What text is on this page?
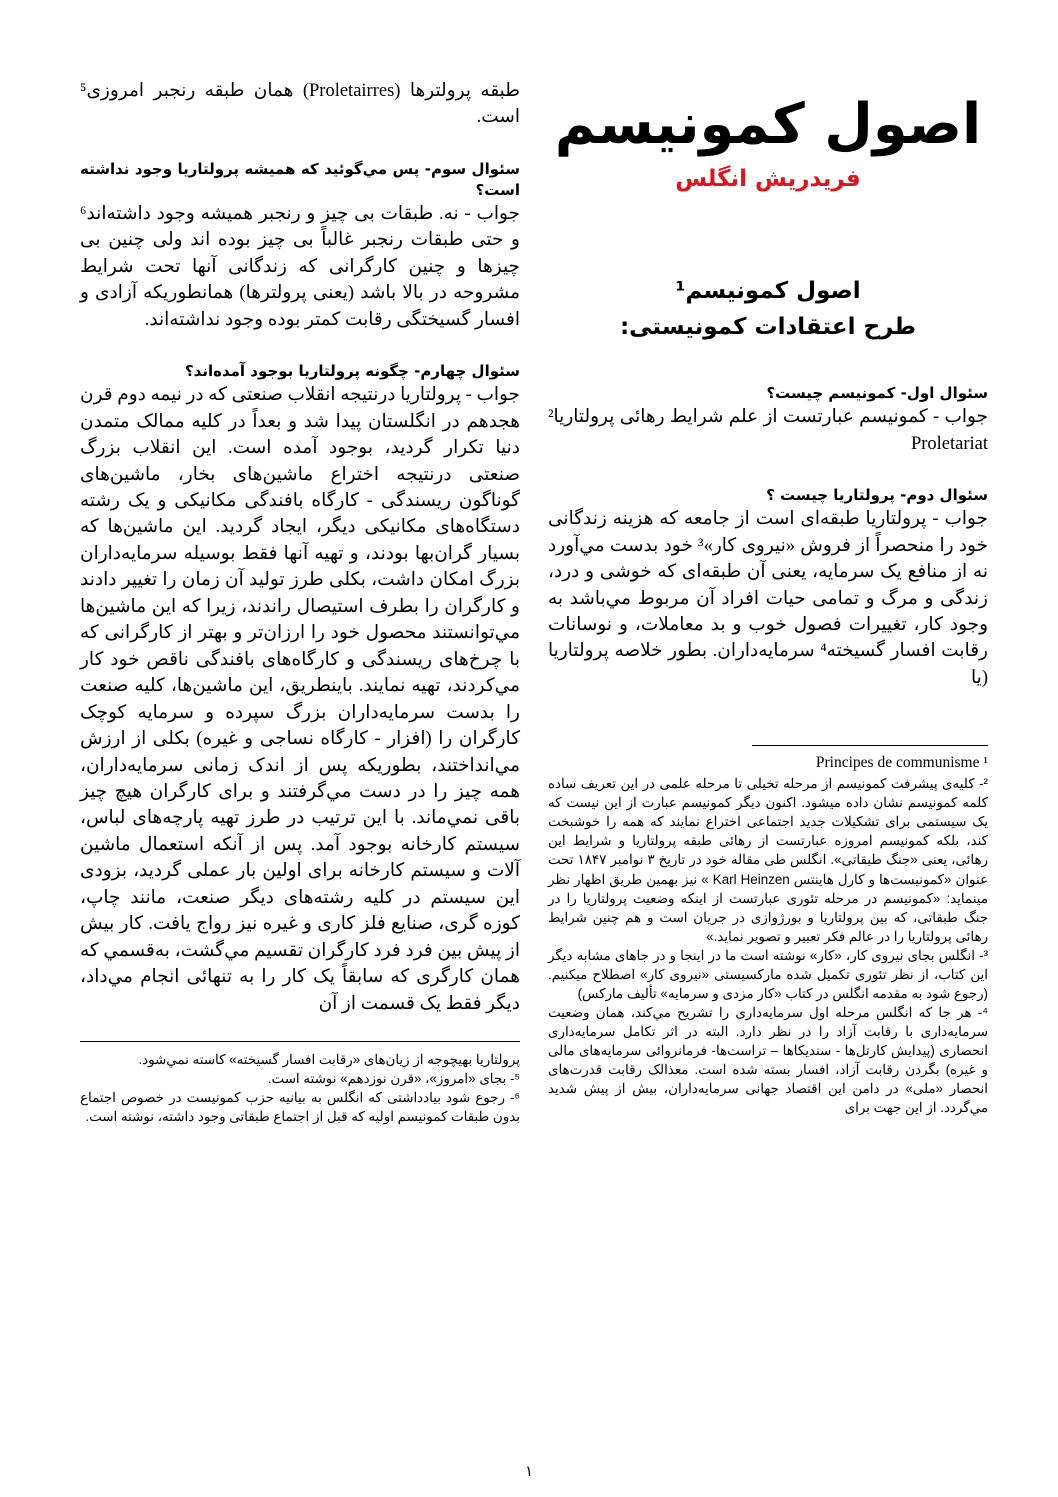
اصول کمونیسم
فریدریش انگلس
اصول کمونیسم¹
طرح اعتقادات کمونیستی:

سئوال اول- کمونیسم چیست؟

جواب - کمونیسم عبارتست از علم شرایط رهائی پرولتاریا² Proletariat

سئوال دوم- پرولتاریا چیست ؟

جواب - پرولتاریا طبقه‌ای است از جامعه که هزینه زندگانی خود را منحصراً از فروش «نیروی کار»³ خود بدست مي‌آورد نه از منافع یک سرمایه، یعنی آن طبقه‌ای که خوشی و درد، زندگی و مرگ و تمامی حیات افراد آن مربوط مي‌باشد به وجود کار، تغییرات فصول خوب و بد معاملات، و نوسانات رقابت افسار گسیخته⁴ سرمایه‌داران. بطور خلاصه پرولتاریا (یا

Principes de communisme ¹

²- کلیه‌ی پیشرفت کمونیسم از مرحله تخیلی تا مرحله علمی در این تعریف ساده کلمه کمونیسم نشان داده میشود. اکنون دیگر کمونیسم عبارت از این نیست که یک سیستمی برای تشکیلات جدید اجتماعی اختراع نمایند که همه را خوشبخت کند، بلکه کمونیسم امروزه عبارتست از رهائی طبقه پرولتاریا و شرایط این رهائی، یعنی «جنگ طبقاتی». انگلس طی مقاله خود در تاریخ ۳ نوامبر ۱۸۴۷ تحت عنوان «کمونیست‌ها و کارل هاینتس Karl Heinzen » نیز بهمین طریق اظهار نظر مینماید: «کمونیسم در مرحله تئوری عبارتست از اینکه وضعیت پرولتاریا را در جنگ طبقاتی، که بین پرولتاریا و بورژوازی در جریان است و هم چنین شرایط رهائی پرولتاریا را در عالم فکر تعبیر و تصویر نماید.»

³- انگلس بجای نیروی کار، «کار» نوشته است ما در اینجا و در جاهای مشابه دیگر این کتاب، از نظر تئوری تکمیل شده مارکسیستی «نیروی کار» اصطلاح میکنیم. (رجوع شود به مقدمه انگلس در کتاب «کار مزدی و سرمایه» تألیف مارکس)

⁴- هر جا که انگلس مرحله اول سرمایه‌داری را تشریح مي‌کند، همان وضعیت سرمایه‌داری با رقابت آزاد را در نظر دارد. البته در اثر تکامل سرمایه‌داری انحصاری (پیدایش کارتل‌ها - سندیکاها – تراست‌ها- فرمانروائی سرمایه‌های مالی و غیره) بگردن رقابت آزاد، افسار بسته شده است. معذالک رقابت قدرت‌های انحصار «ملی» در دامن این اقتصاد جهانی سرمایه‌داران، بیش از پیش شدید مي‌گردد. از این جهت برای

طبقه پرولترها (Proletairres) همان طبقه رنجبر امروزی⁵ است.

سئوال سوم- پس مي‌گوئید که همیشه پرولتاریا وجود نداشته است؟

جواب - نه. طبقات بی چیز و رنجبر همیشه وجود داشته‌اند⁶ و حتی طبقات رنجبر غالباً بی چیز بوده اند ولی چنین بی چیزها و چنین کارگرانی که زندگانی آنها تحت شرایط مشروحه در بالا باشد (یعنی پرولترها) همانطوریکه آزادی و افسار گسیختگی رقابت کمتر بوده وجود نداشته‌اند.

سئوال چهارم- چگونه پرولتاریا بوجود آمده‌اند؟

جواب - پرولتاریا درنتیجه انقلاب صنعتی که در نیمه دوم قرن هجدهم در انگلستان پیدا شد و بعداً در کلیه ممالک متمدن دنیا تکرار گردید، بوجود آمده است. این انقلاب بزرگ صنعتی درنتیجه اختراع ماشین‌های بخار، ماشین‌های گوناگون ریسندگی - کارگاه بافندگی مکانیکی و یک رشته دستگاه‌های مکانیکی دیگر، ایجاد گردید. این ماشین‌ها که بسیار گران‌بها بودند، و تهیه آنها فقط بوسیله سرمایه‌داران بزرگ امکان داشت، بکلی طرز تولید آن زمان را تغییر دادند و کارگران را بطرف استیصال راندند، زیرا که این ماشین‌ها مي‌توانستند محصول خود را ارزان‌تر و بهتر از کارگرانی که با چرخ‌های ریسندگی و کارگاه‌های بافندگی ناقص خود کار مي‌کردند، تهیه نمایند. باینطریق، این ماشین‌ها، کلیه صنعت را بدست سرمایه‌داران بزرگ سپرده و سرمایه کوچک کارگران را (افزار - کارگاه نساجی و غیره) بکلی از ارزش مي‌انداختند، بطوریکه پس از اندک زمانی سرمایه‌داران، همه چیز را در دست مي‌گرفتند و برای کارگران هیچ چیز باقی نمي‌ماند. با این ترتیب در طرز تهیه پارچه‌های لباس، سیستم کارخانه بوجود آمد. پس از آنکه استعمال ماشین آلات و سیستم کارخانه برای اولین بار عملی گردید، بزودی این سیستم در کلیه رشته‌های دیگر صنعت، مانند چاپ، کوزه گری، صنایع فلز کاری و غیره نیز رواج یافت. کار بیش از پیش بین فرد فرد کارگران تقسیم مي‌گشت، به‌قسمي که همان کارگری که سابقاً یک کار را به تنهائی انجام مي‌داد، دیگر فقط یک قسمت از آن

پرولتاریا بهیچوجه از زیان‌های «رقابت افسار گسیخته» کاسته نمي‌شود.

⁵- بجای «امروز»، «قرن نوزدهم» نوشته است.

⁶- رجوع شود بیادداشتی که انگلس به بیانیه حزب کمونیست در خصوص اجتماع بدون طبقات کمونیسم اولیه که قبل از اجتماع طبقاتی وجود داشته، نوشته است.

۱
